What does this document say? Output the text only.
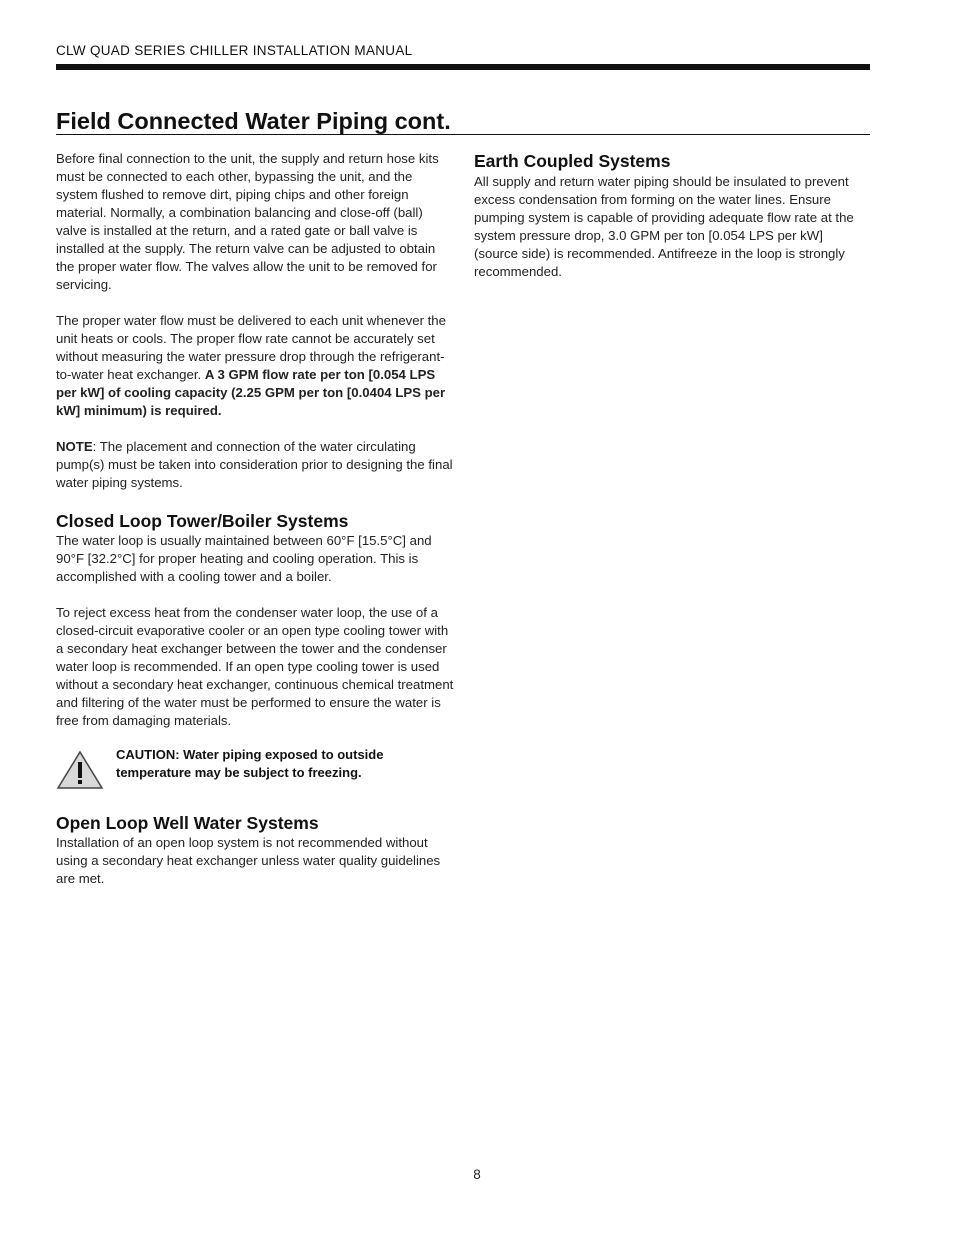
CLW QUAD SERIES CHILLER INSTALLATION MANUAL
Field Connected Water Piping cont.

Before final connection to the unit, the supply and return hose kits must be connected to each other, bypassing the unit, and the system flushed to remove dirt, piping chips and other foreign material. Normally, a combination balancing and close-off (ball) valve is installed at the return, and a rated gate or ball valve is installed at the supply. The return valve can be adjusted to obtain the proper water flow. The valves allow the unit to be removed for servicing.

The proper water flow must be delivered to each unit whenever the unit heats or cools. The proper flow rate cannot be accurately set without measuring the water pressure drop through the refrigerant-to-water heat exchanger. A 3 GPM flow rate per ton [0.054 LPS per kW] of cooling capacity (2.25 GPM per ton [0.0404 LPS per kW] minimum) is required.

NOTE: The placement and connection of the water circulating pump(s) must be taken into consideration prior to designing the final water piping systems.

Closed Loop Tower/Boiler Systems

The water loop is usually maintained between 60°F [15.5°C] and 90°F [32.2°C] for proper heating and cooling operation. This is accomplished with a cooling tower and a boiler.

To reject excess heat from the condenser water loop, the use of a closed-circuit evaporative cooler or an open type cooling tower with a secondary heat exchanger between the tower and the condenser water loop is recommended. If an open type cooling tower is used without a secondary heat exchanger, continuous chemical treatment and filtering of the water must be performed to ensure the water is free from damaging materials.

CAUTION: Water piping exposed to outside temperature may be subject to freezing.
Open Loop Well Water Systems

Installation of an open loop system is not recommended without using a secondary heat exchanger unless water quality guidelines are met.

Earth Coupled Systems

All supply and return water piping should be insulated to prevent excess condensation from forming on the water lines. Ensure pumping system is capable of providing adequate flow rate at the system pressure drop, 3.0 GPM per ton [0.054 LPS per kW] (source side) is recommended. Antifreeze in the loop is strongly recommended.

8
